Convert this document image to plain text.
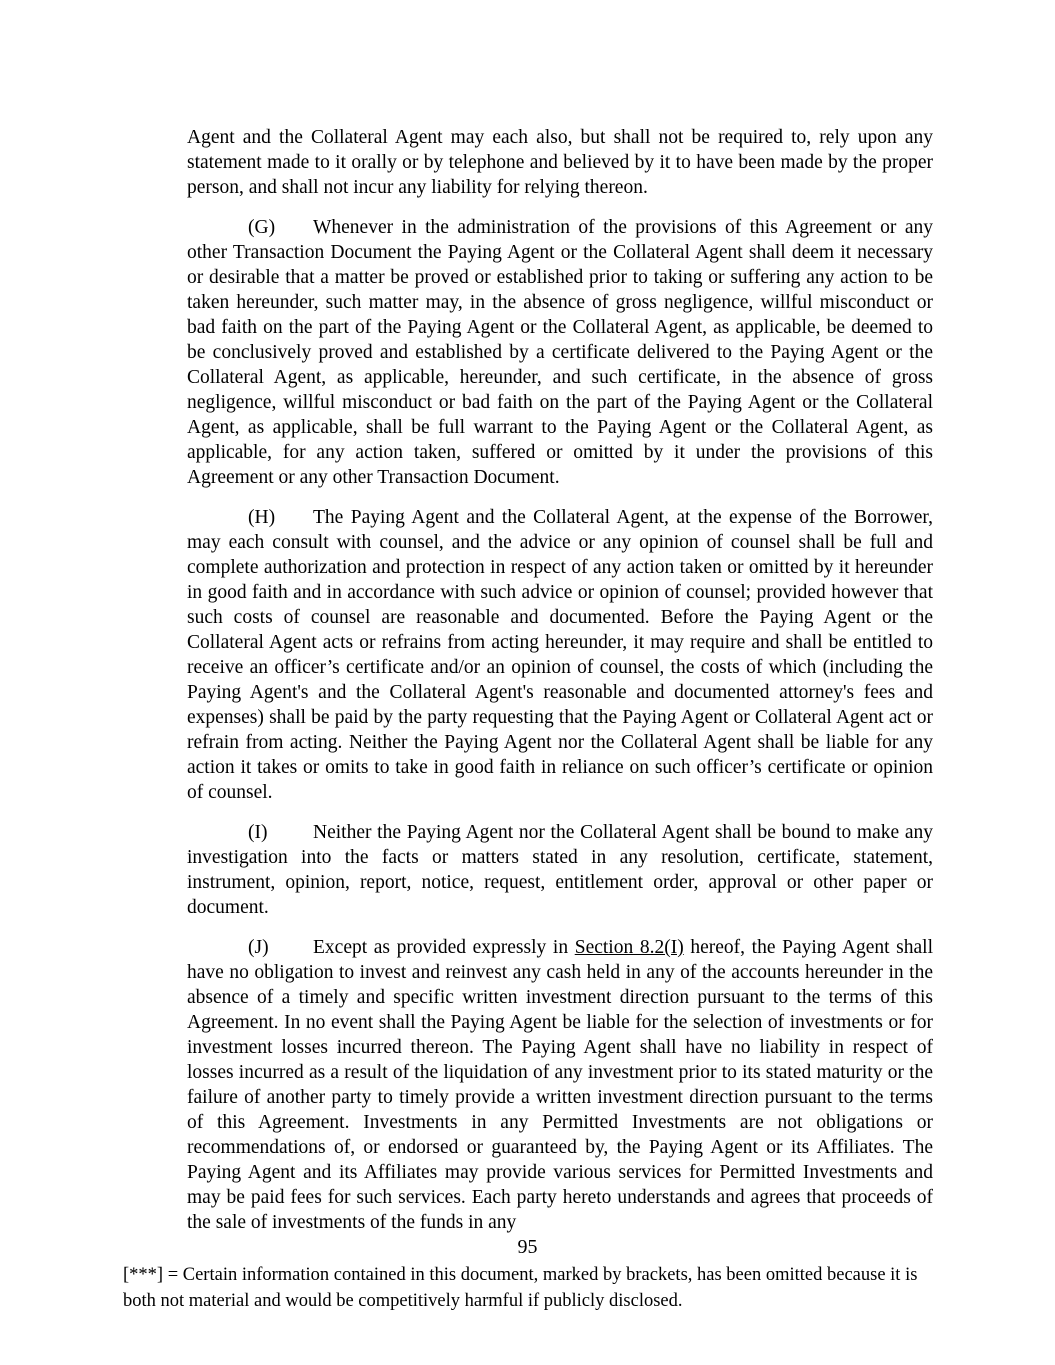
Agent and the Collateral Agent may each also, but shall not be required to, rely upon any statement made to it orally or by telephone and believed by it to have been made by the proper person, and shall not incur any liability for relying thereon.

(G) Whenever in the administration of the provisions of this Agreement or any other Transaction Document the Paying Agent or the Collateral Agent shall deem it necessary or desirable that a matter be proved or established prior to taking or suffering any action to be taken hereunder, such matter may, in the absence of gross negligence, willful misconduct or bad faith on the part of the Paying Agent or the Collateral Agent, as applicable, be deemed to be conclusively proved and established by a certificate delivered to the Paying Agent or the Collateral Agent, as applicable, hereunder, and such certificate, in the absence of gross negligence, willful misconduct or bad faith on the part of the Paying Agent or the Collateral Agent, as applicable, shall be full warrant to the Paying Agent or the Collateral Agent, as applicable, for any action taken, suffered or omitted by it under the provisions of this Agreement or any other Transaction Document.

(H) The Paying Agent and the Collateral Agent, at the expense of the Borrower, may each consult with counsel, and the advice or any opinion of counsel shall be full and complete authorization and protection in respect of any action taken or omitted by it hereunder in good faith and in accordance with such advice or opinion of counsel; provided however that such costs of counsel are reasonable and documented. Before the Paying Agent or the Collateral Agent acts or refrains from acting hereunder, it may require and shall be entitled to receive an officer’s certificate and/or an opinion of counsel, the costs of which (including the Paying Agent's and the Collateral Agent's reasonable and documented attorney's fees and expenses) shall be paid by the party requesting that the Paying Agent or Collateral Agent act or refrain from acting. Neither the Paying Agent nor the Collateral Agent shall be liable for any action it takes or omits to take in good faith in reliance on such officer’s certificate or opinion of counsel.

(I) Neither the Paying Agent nor the Collateral Agent shall be bound to make any investigation into the facts or matters stated in any resolution, certificate, statement, instrument, opinion, report, notice, request, entitlement order, approval or other paper or document.

(J) Except as provided expressly in Section 8.2(I) hereof, the Paying Agent shall have no obligation to invest and reinvest any cash held in any of the accounts hereunder in the absence of a timely and specific written investment direction pursuant to the terms of this Agreement. In no event shall the Paying Agent be liable for the selection of investments or for investment losses incurred thereon. The Paying Agent shall have no liability in respect of losses incurred as a result of the liquidation of any investment prior to its stated maturity or the failure of another party to timely provide a written investment direction pursuant to the terms of this Agreement. Investments in any Permitted Investments are not obligations or recommendations of, or endorsed or guaranteed by, the Paying Agent or its Affiliates. The Paying Agent and its Affiliates may provide various services for Permitted Investments and may be paid fees for such services. Each party hereto understands and agrees that proceeds of the sale of investments of the funds in any

95
[***] = Certain information contained in this document, marked by brackets, has been omitted because it is both not material and would be competitively harmful if publicly disclosed.
